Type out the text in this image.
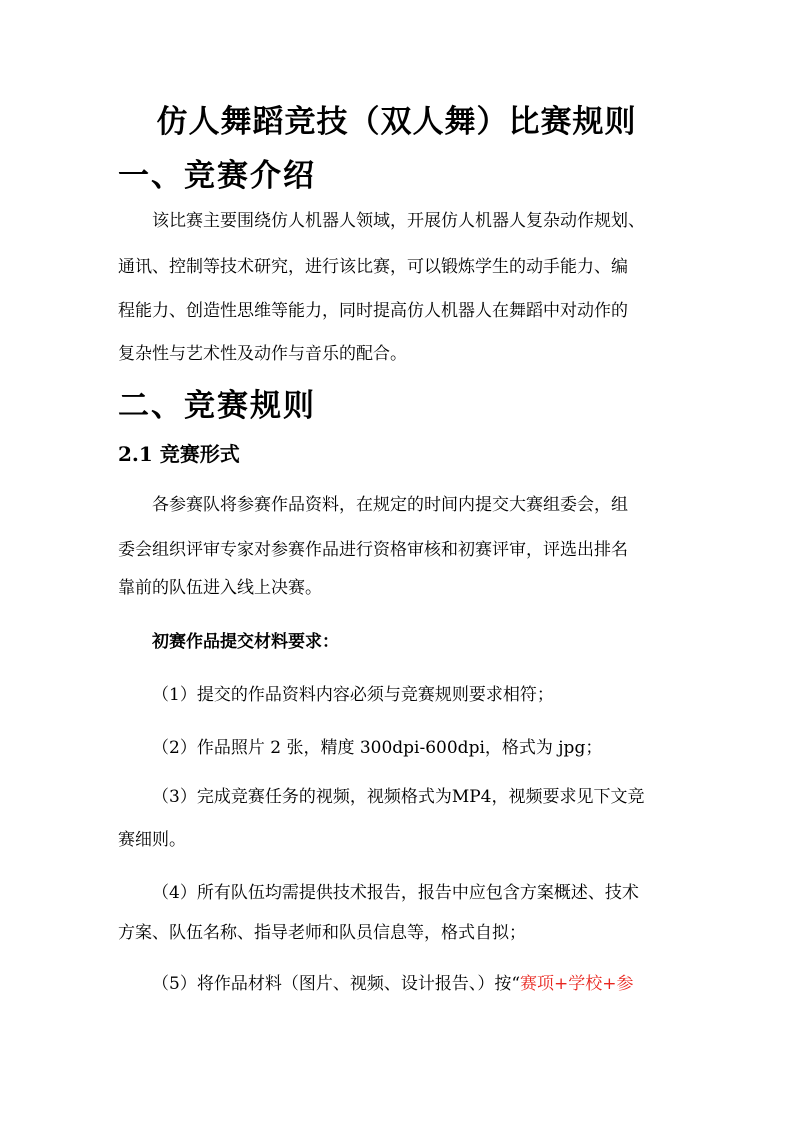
仿人舞蹈竞技（双人舞）比赛规则
一、竞赛介绍
该比赛主要围绕仿人机器人领域，开展仿人机器人复杂动作规划、
通讯、控制等技术研究，进行该比赛，可以锻炼学生的动手能力、编
程能力、创造性思维等能力，同时提高仿人机器人在舞蹈中对动作的
复杂性与艺术性及动作与音乐的配合。
二、竞赛规则
2.1 竞赛形式
各参赛队将参赛作品资料，在规定的时间内提交大赛组委会，组
委会组织评审专家对参赛作品进行资格审核和初赛评审，评选出排名
靠前的队伍进入线上决赛。
初赛作品提交材料要求：
（1）提交的作品资料内容必须与竞赛规则要求相符；
（2）作品照片 2 张，精度 300dpi-600dpi，格式为 jpg；
（3）完成竞赛任务的视频，视频格式为MP4，视频要求见下文竞
赛细则。
（4）所有队伍均需提供技术报告，报告中应包含方案概述、技术
方案、队伍名称、指导老师和队员信息等，格式自拟；
（5）将作品材料（图片、视频、设计报告、）按“赛项+学校+参
